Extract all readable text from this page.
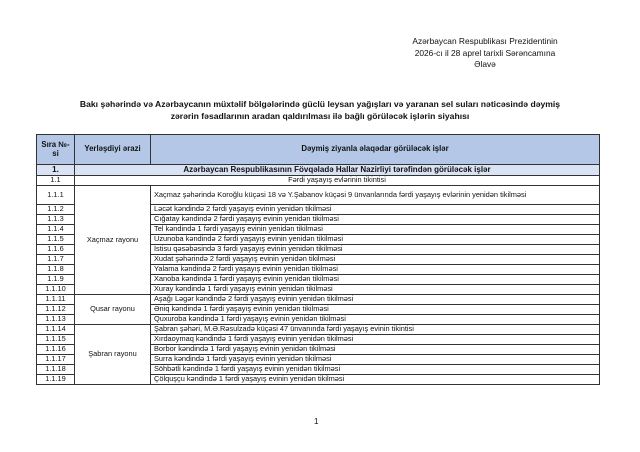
Azərbaycan Respublikası Prezidentinin
2026-cı il 28 aprel tarixli Sərəncamına
Əlavə
Bakı şəhərində və Azərbaycanın müxtəlif bölgələrində güclü leysan yağışları və yaranan sel suları nəticəsində dəymiş
zərərin fəsadlarının aradan qaldırılması ilə bağlı görüləcək işlərin siyahısı
Sıra №-si	Yerləşdiyi ərazi	Dəymiş ziyanla əlaqədar görüləcək işlər
1.	Azərbaycan Respublikasının Fövqəladə Hallar Nazirliyi tərəfindən görüləcək işlər	
1.1	Fərdi yaşayış evlərinin tikintisi	
1.1.1	Xaçmaz rayonu	Xaçmaz şəhərində Koroğlu küçəsi 18 və Y.Şabanov küçəsi 9 ünvanlarında fərdi yaşayış evlərinin yenidən tikilməsi
1.1.2		Ləcət kəndində 2 fərdi yaşayış evinin yenidən tikilməsi
1.1.3		Cığatay kəndində 2 fərdi yaşayış evinin yenidən tikilməsi
1.1.4		Tel kəndində 1 fərdi yaşayış evinin yenidən tikilməsi
1.1.5		Uzunoba kəndində 2 fərdi yaşayış evinin yenidən tikilməsi
1.1.6		İstisu qəsəbəsində 3 fərdi yaşayış evinin yenidən tikilməsi
1.1.7		Xudat şəhərində 2 fərdi yaşayış evinin yenidən tikilməsi
1.1.8		Yalama kəndində 2 fərdi yaşayış evinin yenidən tikilməsi
1.1.9		Xanoba kəndində 1 fərdi yaşayış evinin yenidən tikilməsi
1.1.10		Xuray kəndində 1 fərdi yaşayış evinin yenidən tikilməsi
1.1.11	Qusar rayonu	Aşağı Ləgər kəndində 2 fərdi yaşayış evinin yenidən tikilməsi
1.1.12		Əniq kəndində 1 fərdi yaşayış evinin yenidən tikilməsi
1.1.13		Quxuroba kəndində 1 fərdi yaşayış evinin yenidən tikilməsi
1.1.14	Şabran rayonu	Şabran şəhəri, M.Ə.Rəsulzadə küçəsi 47 ünvanında fərdi yaşayış evinin tikintisi
1.1.15		Xırdaoymaq kəndində 1 fərdi yaşayış evinin yenidən tikilməsi
1.1.16		Borbor kəndində 1 fərdi yaşayış evinin yenidən tikilməsi
1.1.17		Surra kəndində 1 fərdi yaşayış evinin yenidən tikilməsi
1.1.18		Söhbətli kəndində 1 fərdi yaşayış evinin yenidən tikilməsi
1.1.19		Çölquşçu kəndində 1 fərdi yaşayış evinin yenidən tikilməsi
1
